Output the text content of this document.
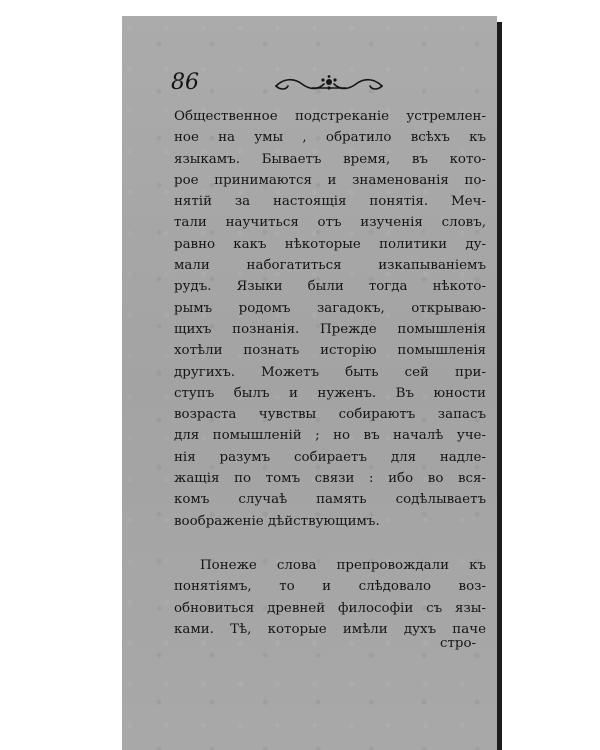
86

Общественное подстреканіе устремлен-
ное на умы , обратило всѣхъ къ
языкамъ. Бываетъ время, въ кото-
рое принимаются и знаменованія по-
нятій за настоящія понятія. Меч-
тали научиться отъ изученія словъ,
равно какъ нѣкоторые политики ду-
мали набогатиться изкапываніемъ
рудъ. Языки были тогда нѣкото-
рымъ родомъ загадокъ, открываю-
щихъ познанія. Прежде помышленія
хотѣли познать исторію помышленія
другихъ. Можетъ быть сей при-
ступъ былъ и нуженъ. Въ юности
возраста чувствы собираютъ запасъ
для помышленій ; но въ началѣ уче-
нія разумъ собираетъ для надле-
жащія по томъ связи : ибо во вся-
комъ случаѣ память содѣлываетъ
воображеніе дѣйствующимъ.

Понеже слова препровождали къ
понятіямъ, то и слѣдовало воз-
обновиться древней философіи съ язы-
ками. Тѣ, которые имѣли духъ паче

стро-
